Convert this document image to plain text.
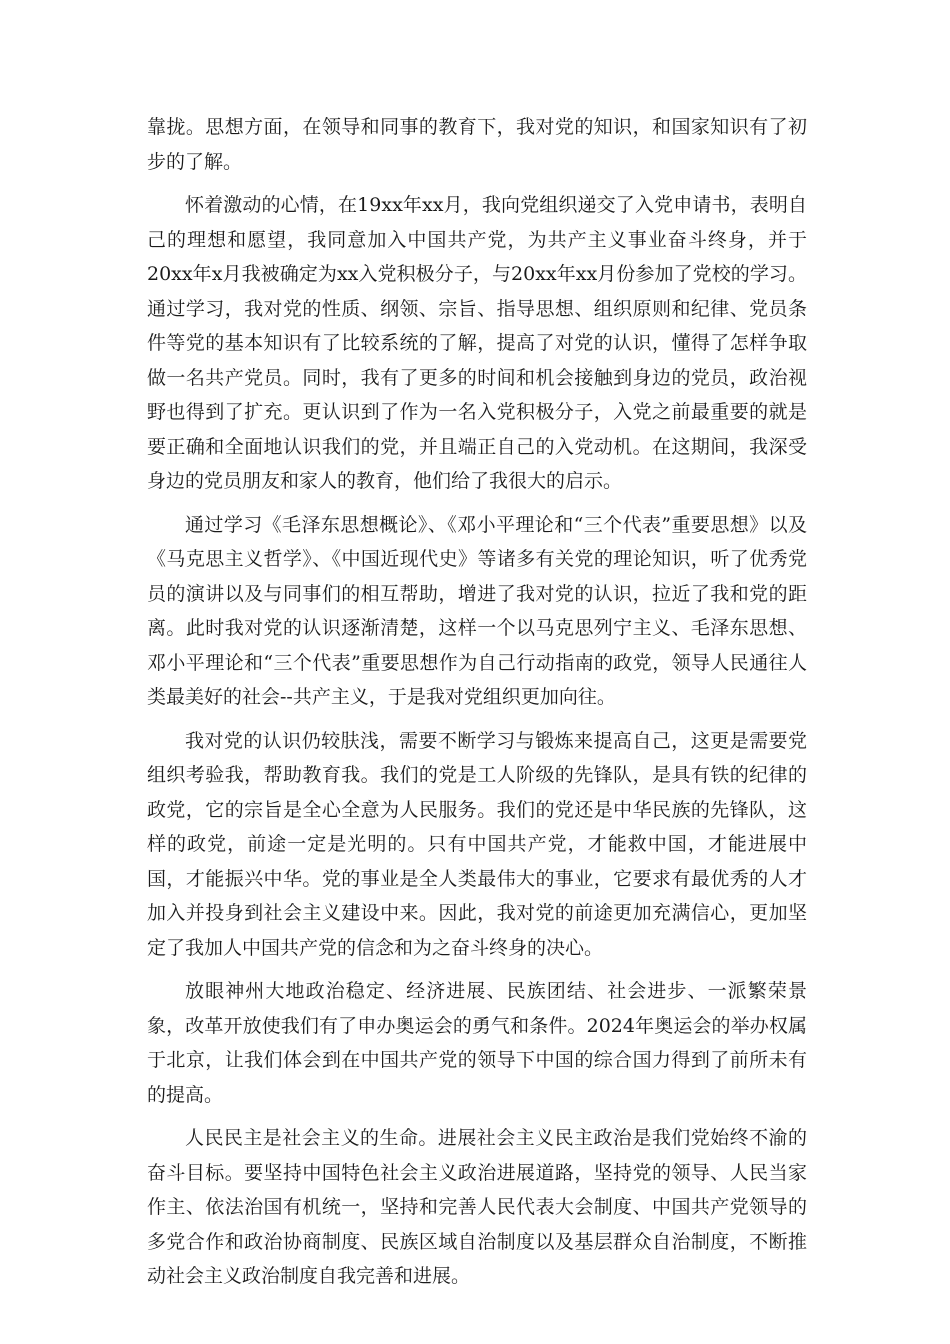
靠拢。思想方面，在领导和同事的教育下，我对党的知识，和国家知识有了初步的了解。

怀着激动的心情，在19xx年xx月，我向党组织递交了入党申请书，表明自己的理想和愿望，我同意加入中国共产党，为共产主义事业奋斗终身，并于20xx年x月我被确定为xx入党积极分子，与20xx年xx月份参加了党校的学习。通过学习，我对党的性质、纲领、宗旨、指导思想、组织原则和纪律、党员条件等党的基本知识有了比较系统的了解，提高了对党的认识，懂得了怎样争取做一名共产党员。同时，我有了更多的时间和机会接触到身边的党员，政治视野也得到了扩充。更认识到了作为一名入党积极分子，入党之前最重要的就是要正确和全面地认识我们的党，并且端正自己的入党动机。在这期间，我深受身边的党员朋友和家人的教育，他们给了我很大的启示。

通过学习《毛泽东思想概论》、《邓小平理论和“三个代表”重要思想》以及《马克思主义哲学》、《中国近现代史》等诸多有关党的理论知识，听了优秀党员的演讲以及与同事们的相互帮助，增进了我对党的认识，拉近了我和党的距离。此时我对党的认识逐渐清楚，这样一个以马克思列宁主义、毛泽东思想、邓小平理论和“三个代表”重要思想作为自己行动指南的政党，领导人民通往人类最美好的社会--共产主义，于是我对党组织更加向往。

我对党的认识仍较肤浅，需要不断学习与锻炼来提高自己，这更是需要党组织考验我，帮助教育我。我们的党是工人阶级的先锋队，是具有铁的纪律的政党，它的宗旨是全心全意为人民服务。我们的党还是中华民族的先锋队，这样的政党，前途一定是光明的。只有中国共产党，才能救中国，才能进展中国，才能振兴中华。党的事业是全人类最伟大的事业，它要求有最优秀的人才加入并投身到社会主义建设中来。因此，我对党的前途更加充满信心，更加坚定了我加人中国共产党的信念和为之奋斗终身的决心。

放眼神州大地政治稳定、经济进展、民族团结、社会进步、一派繁荣景象，改革开放使我们有了申办奥运会的勇气和条件。2024年奥运会的举办权属于北京，让我们体会到在中国共产党的领导下中国的综合国力得到了前所未有的提高。

人民民主是社会主义的生命。进展社会主义民主政治是我们党始终不渝的奋斗目标。要坚持中国特色社会主义政治进展道路，坚持党的领导、人民当家作主、依法治国有机统一，坚持和完善人民代表大会制度、中国共产党领导的多党合作和政治协商制度、民族区域自治制度以及基层群众自治制度，不断推动社会主义政治制度自我完善和进展。
